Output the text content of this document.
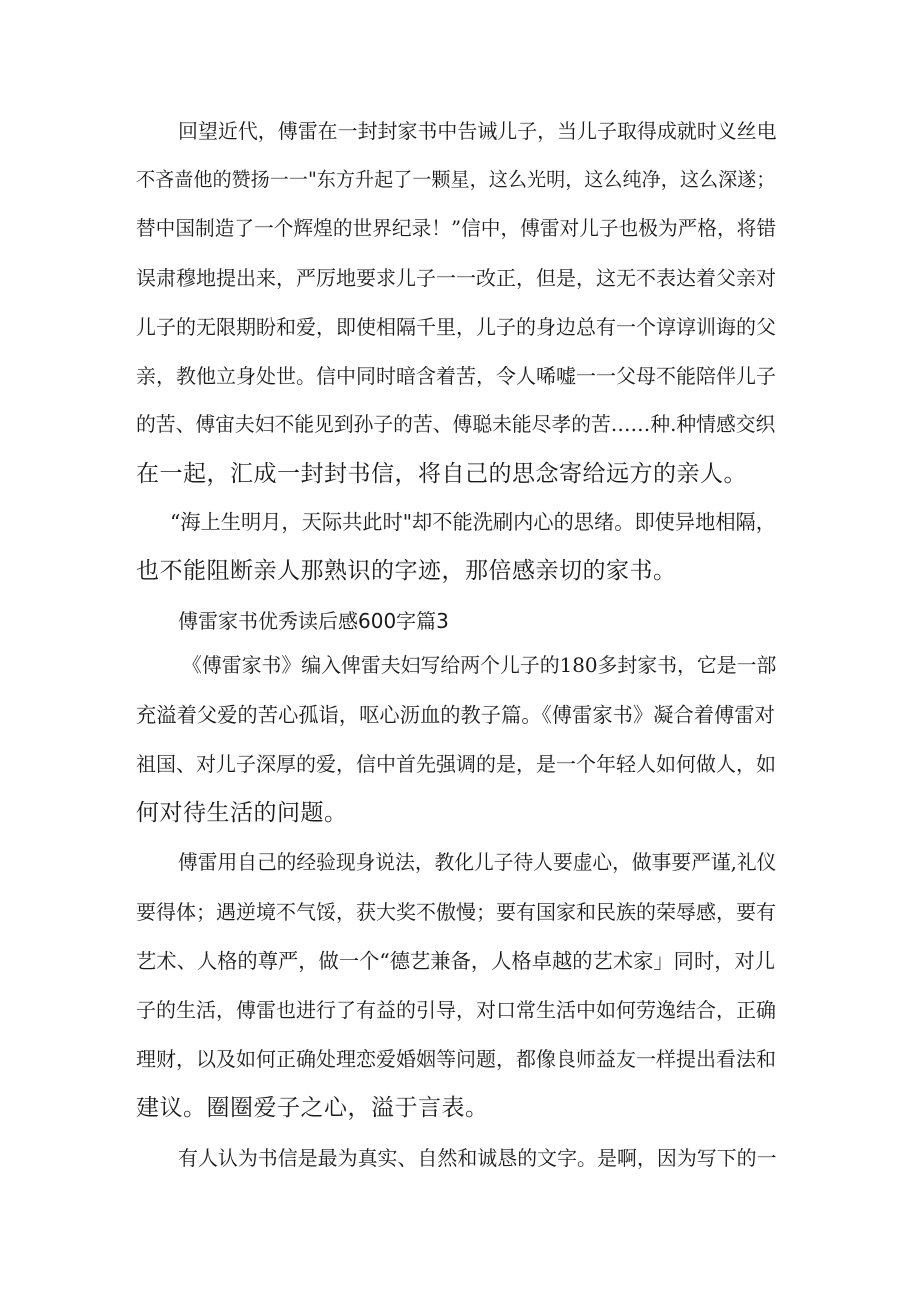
回望近代，傅雷在一封封家书中告诫儿子，当儿子取得成就时义丝电
不吝啬他的赞扬一一"东方升起了一颗星，这么光明，这么纯净，这么深遂；
替中国制造了一个辉煌的世界纪录！”信中，傅雷对儿子也极为严格，将错
误肃穆地提出来，严厉地要求儿子一一改正，但是，这无不表达着父亲对
儿子的无限期盼和爱，即使相隔千里，儿子的身边总有一个谆谆训诲的父
亲，教他立身处世。信中同时暗含着苦，令人唏嘘一一父母不能陪伴儿子
的苦、傅宙夫妇不能见到孙子的苦、傅聪未能尽孝的苦……种.种情感交织
在一起，汇成一封封书信，将自己的思念寄给远方的亲人。
“海上生明月，天际共此时"却不能洗刷内心的思绪。即使异地相隔，
也不能阻断亲人那熟识的字迹，那倍感亲切的家书。
傅雷家书优秀读后感600字篇3
《傅雷家书》编入俾雷夫妇写给两个儿子的180多封家书，它是一部
充溢着父爱的苦心孤诣，呕心沥血的教子篇。《傅雷家书》凝合着傅雷对
祖国、对儿子深厚的爱，信中首先强调的是，是一个年轻人如何做人，如
何对待生活的问题。
傅雷用自己的经验现身说法，教化儿子待人要虚心，做事要严谨,礼仪
要得体；遇逆境不气馁，获大奖不傲慢；要有国家和民族的荣辱感，要有
艺术、人格的尊严，做一个“德艺兼备，人格卓越的艺术家」同时，对儿
子的生活，傅雷也进行了有益的引导，对口常生活中如何劳逸结合，正确
理财，以及如何正确处理恋爱婚姻等问题，都像良师益友一样提出看法和
建议。圈圈爱子之心，溢于言表。
有人认为书信是最为真实、自然和诚恳的文字。是啊，因为写下的一
